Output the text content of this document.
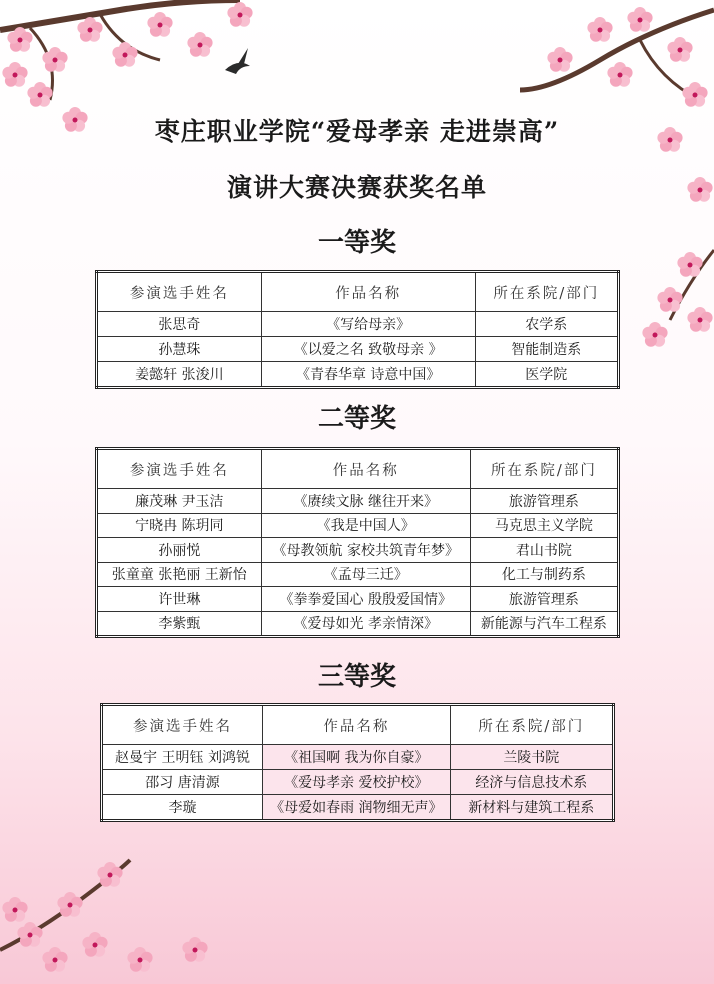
枣庄职业学院“爱母孝亲 走进崇高”
演讲大赛决赛获奖名单
一等奖
参演选手姓名	作品名称	所在系院/部门
张思奇	《写给母亲》	农学系
孙慧珠	《以爱之名 致敬母亲 》	智能制造系
姜懿轩 张浚川	《青春华章 诗意中国》	医学院
二等奖
参演选手姓名	作品名称	所在系院/部门
廉茂琳 尹玉洁	《赓续文脉 继往开来》	旅游管理系
宁晓冉 陈玥同	《我是中国人》	马克思主义学院
孙丽悦	《母教领航 家校共筑青年梦》	君山书院
张童童 张艳丽 王新怡	《孟母三迁》	化工与制药系
许世琳	《拳拳爱国心 殷殷爱国情》	旅游管理系
李紫甄	《爱母如光 孝亲情深》	新能源与汽车工程系
三等奖
参演选手姓名	作品名称	所在系院/部门
赵曼宇 王明钰 刘鸿锐	《祖国啊 我为你自豪》	兰陵书院
邵习 唐清源	《爱母孝亲 爱校护校》	经济与信息技术系
李璇	《母爱如春雨 润物细无声》	新材料与建筑工程系
